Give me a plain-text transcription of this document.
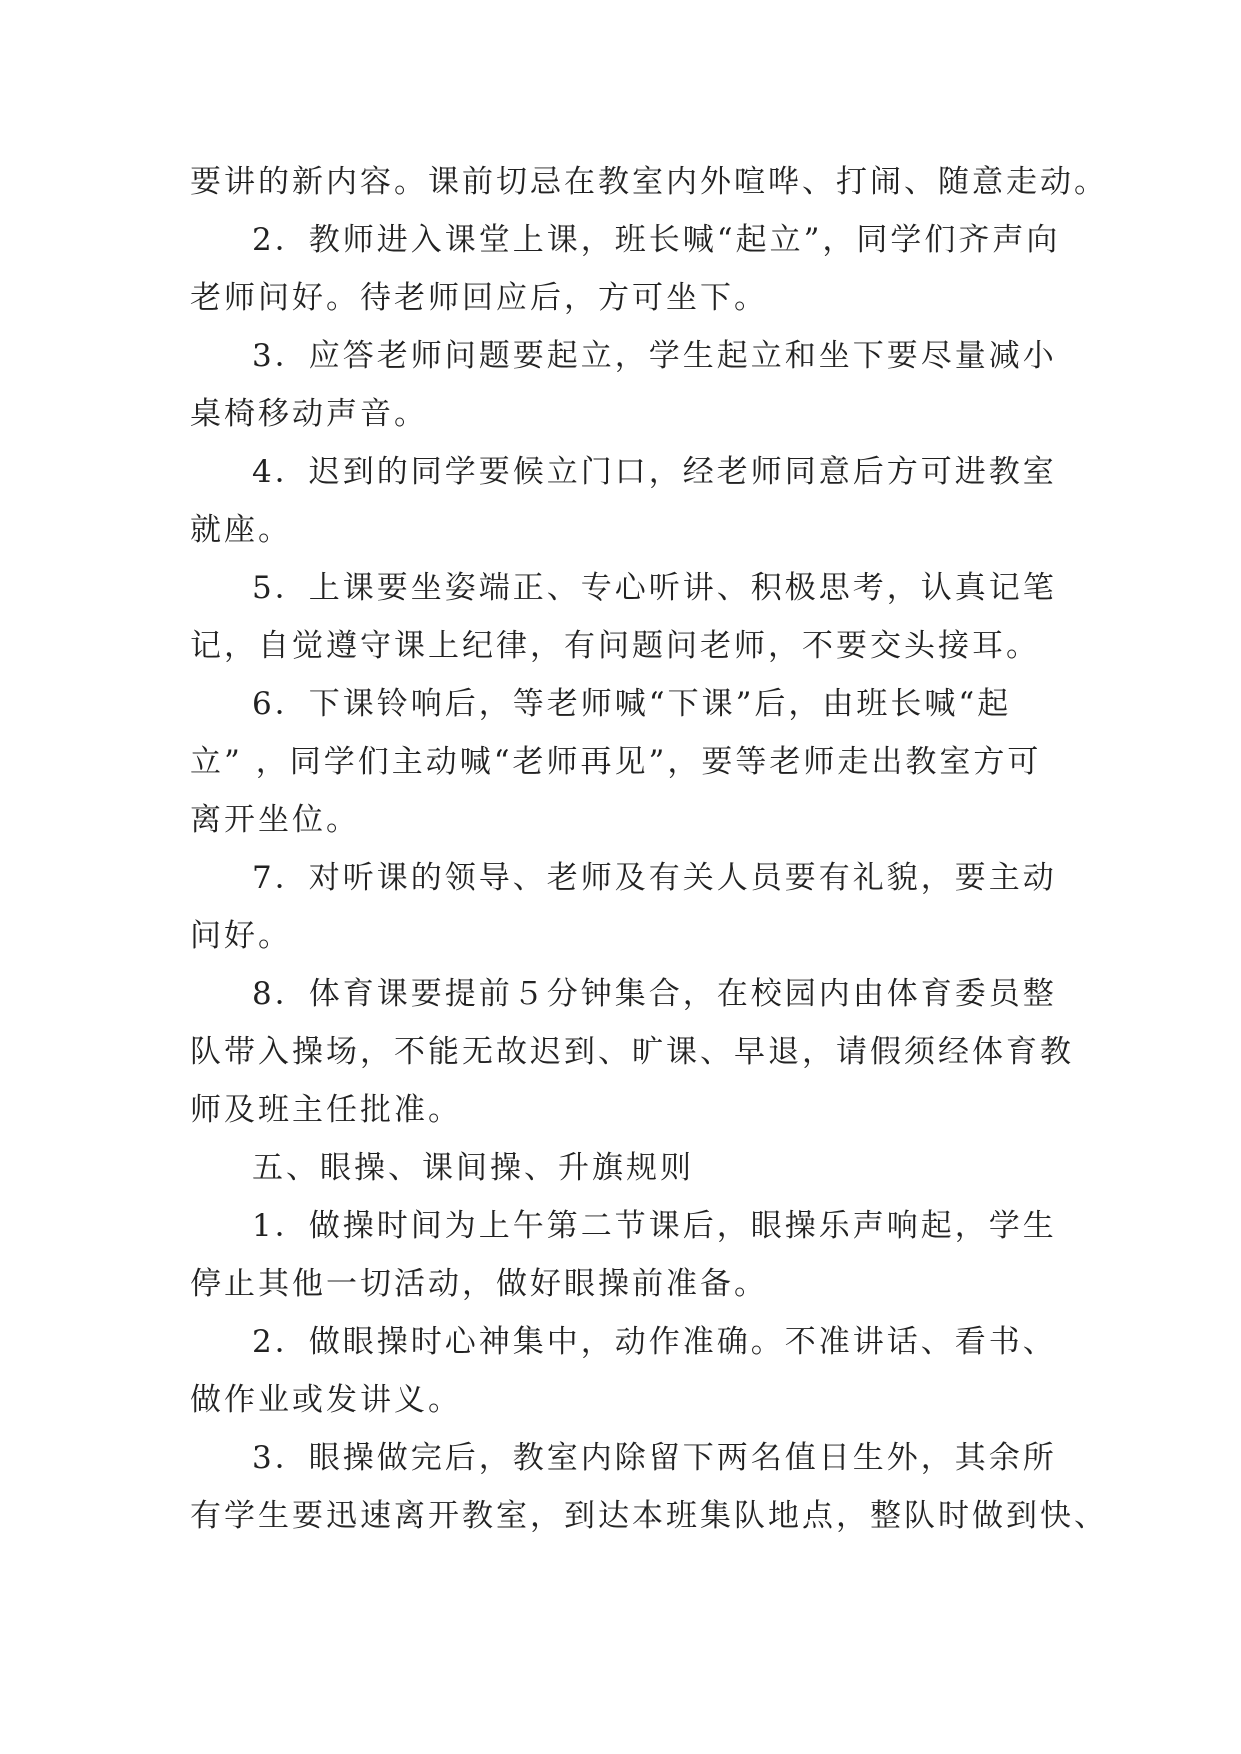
要讲的新内容。课前切忌在教室内外喧哗、打闹、随意走动。
2．教师进入课堂上课，班长喊“起立”，同学们齐声向
老师问好。待老师回应后，方可坐下。
3．应答老师问题要起立，学生起立和坐下要尽量减小
桌椅移动声音。
4．迟到的同学要候立门口，经老师同意后方可进教室
就座。
5．上课要坐姿端正、专心听讲、积极思考，认真记笔
记，自觉遵守课上纪律，有问题问老师，不要交头接耳。
6．下课铃响后，等老师喊“下课”后，由班长喊“起
立” ，同学们主动喊“老师再见”，要等老师走出教室方可
离开坐位。
7．对听课的领导、老师及有关人员要有礼貌，要主动
问好。
8．体育课要提前５分钟集合，在校园内由体育委员整
队带入操场，不能无故迟到、旷课、早退，请假须经体育教
师及班主任批准。
五、眼操、课间操、升旗规则
1．做操时间为上午第二节课后，眼操乐声响起，学生
停止其他一切活动，做好眼操前准备。
2．做眼操时心神集中，动作准确。不准讲话、看书、
做作业或发讲义。
3．眼操做完后，教室内除留下两名值日生外，其余所
有学生要迅速离开教室，到达本班集队地点，整队时做到快、
